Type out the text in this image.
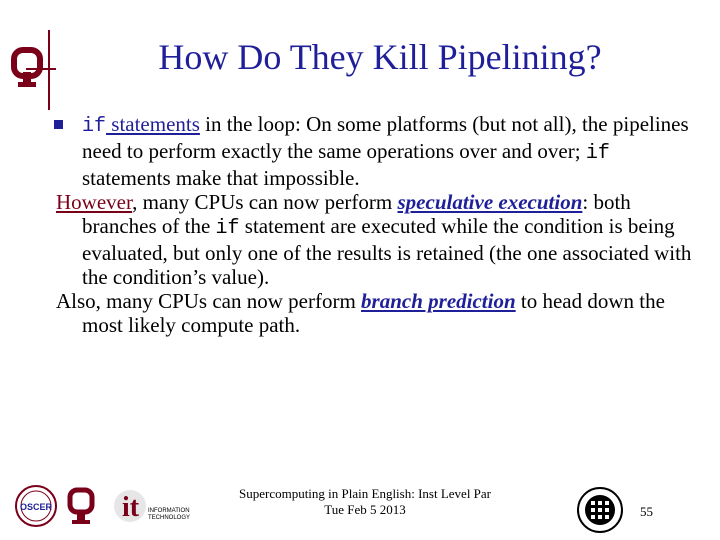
How Do They Kill Pipelining?

if statements in the loop: On some platforms (but not all), the pipelines need to perform exactly the same operations over and over; if statements make that impossible.

However, many CPUs can now perform speculative execution: both branches of the if statement are executed while the condition is being evaluated, but only one of the results is retained (the one associated with the condition’s value).

Also, many CPUs can now perform branch prediction to head down the most likely compute path.

OSCER it INFORMATION
TECHNOLOGY
Supercomputing in Plain English: Inst Level Par
Tue Feb 5 2013	55
